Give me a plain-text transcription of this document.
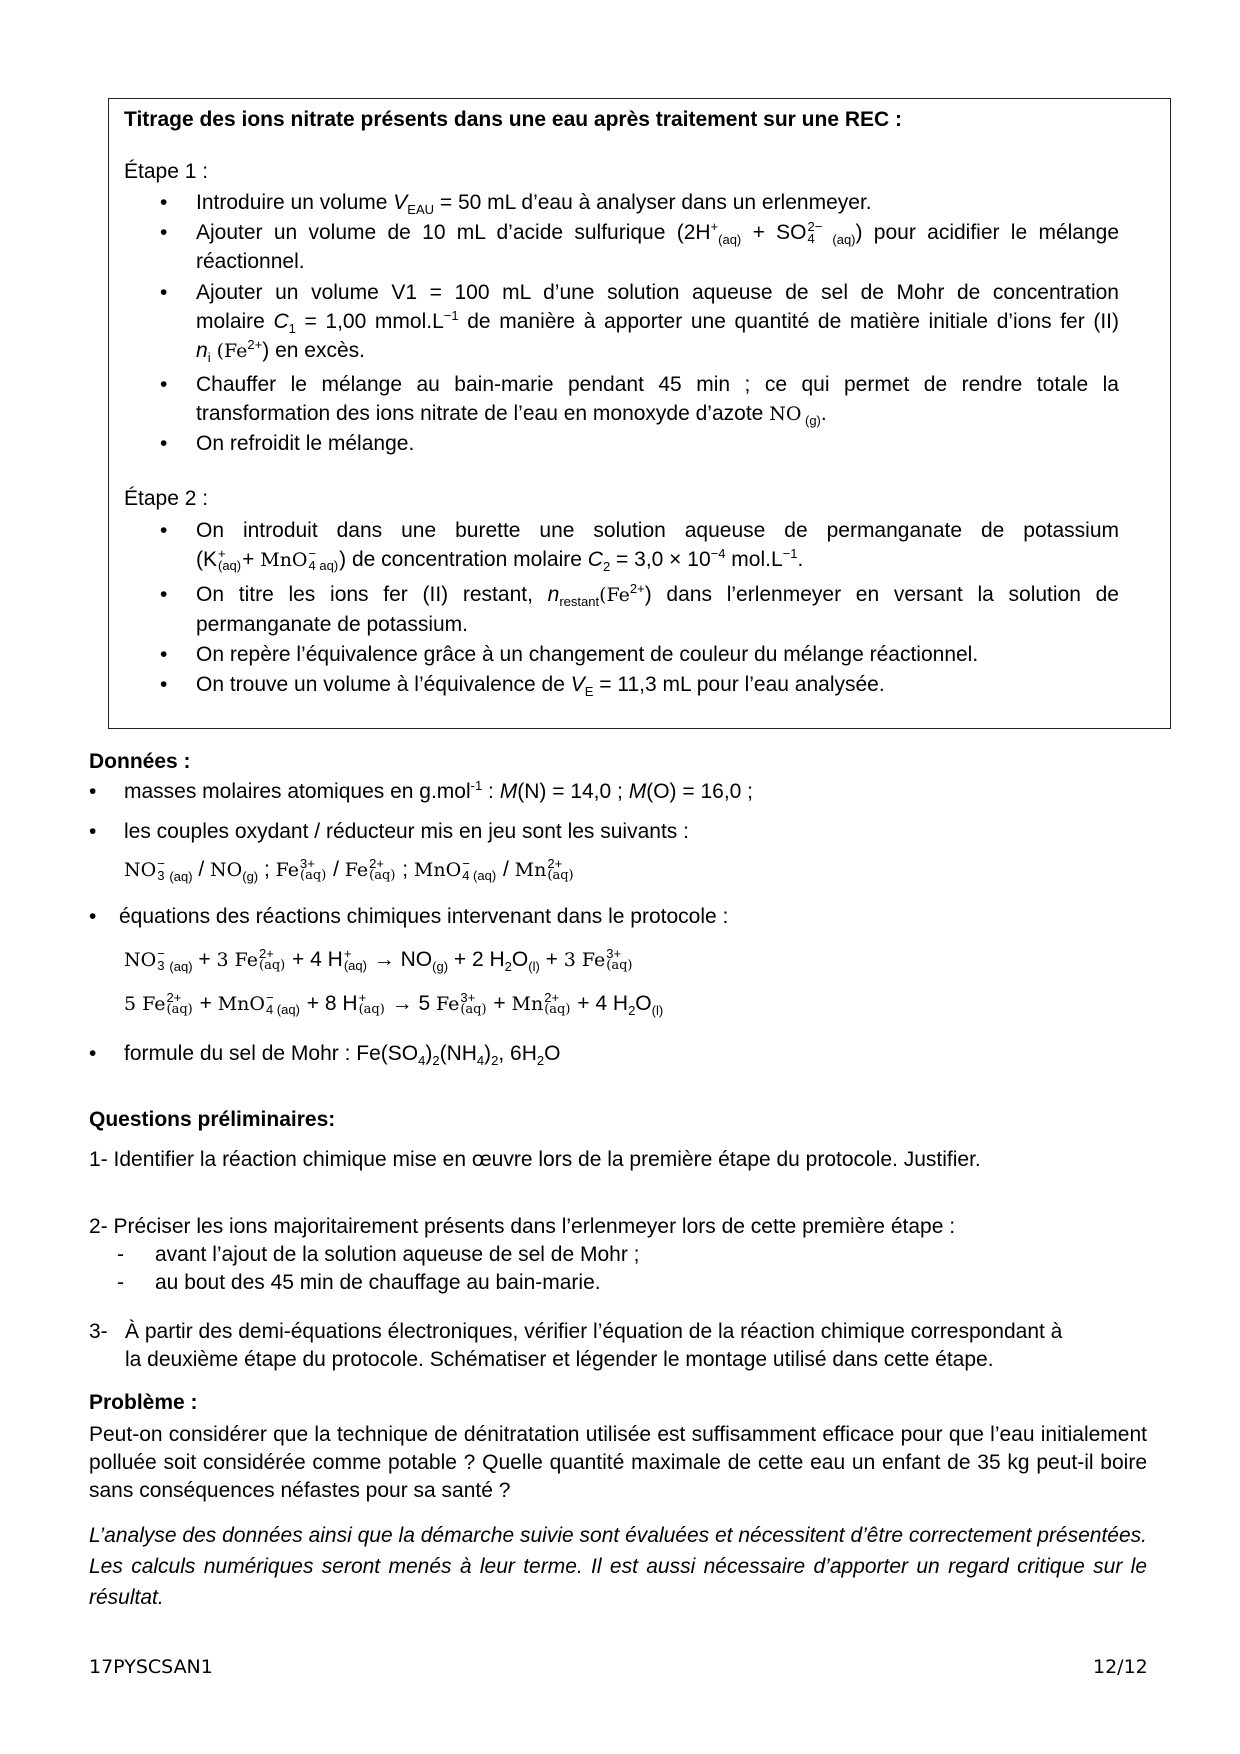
Titrage des ions nitrate présents dans une eau après traitement sur une REC :
Étape 1 :
• Introduire un volume $V_{EAU} = 50$ mL d’eau à analyser dans un erlenmeyer.
• Ajouter un volume de 10 mL d’acide sulfurique ($2H^+_{(aq)}$ + SO 2−
4 $_{(aq)}$) pour acidifier le mélange
réactionnel.
• Ajouter un volume V1 = 100 mL d’une solution aqueuse de sel de Mohr de concentration
molaire $C_1 = 1,00$ $mmol.L^{-1}$ de manière à apporter une quantité de matière initiale d’ions fer (II)
$n_i$ $(Fe^{2+})$ en excès.
• Chauffer le mélange au bain-marie pendant 45 min ; ce qui permet de rendre totale la
transformation des ions nitrate de l’eau en monoxyde d’azote NO $_{(g)}$.
• On refroidit le mélange.
Étape 2 :
• On introduit dans une burette une solution aqueuse de permanganate de potassium
(K +
(aq) + MnO −
4 aq) ) de concentration molaire $C_2 = 3,0 \times 10^{-4}$ $mol.L^{-1}$.
• On titre les ions fer (II) restant, $n_{restant}(Fe^{2+})$ dans l’erlenmeyer en versant la solution de
permanganate de potassium.
• On repère l’équivalence grâce à un changement de couleur du mélange réactionnel.
• On trouve un volume à l’équivalence de $V_E = 11,3$ mL pour l’eau analysée.
Données :
• masses molaires atomiques en g.mol$^{-1}$ : M(N) = 14,0 ; M(O) = 16,0 ;
• les couples oxydant / réducteur mis en jeu sont les suivants :
NO −
3 $_{(aq)} / NO_{(g)}$ ; Fe 3+
(aq) / Fe 2+
(aq) ; MnO −
4 (aq) / Mn 2+
(aq)
• équations des réactions chimiques intervenant dans le protocole :
NO −
3 $_{(aq)}$ + 3 Fe 2+
(aq) + 4 H +
$(aq) \to NO_{(g)} + 2$ $H_2O_{(l)} + 3$ Fe 3+
(aq)
5 Fe 2+
(aq) + MnO −
4 (aq) + 8 H +
(aq) → 5 Fe 3+
(aq) + Mn 2+
(aq) + 4 $H_2O_{(l)}$
• formule du sel de Mohr : $Fe(SO_4)_2(NH_4)_2$, $6H_2O$
Questions préliminaires:
1- Identifier la réaction chimique mise en œuvre lors de la première étape du protocole. Justifier.
2- Préciser les ions majoritairement présents dans l’erlenmeyer lors de cette première étape :
- avant l’ajout de la solution aqueuse de sel de Mohr ;
- au bout des 45 min de chauffage au bain-marie.
3- À partir des demi-équations électroniques, vérifier l’équation de la réaction chimique correspondant à
la deuxième étape du protocole. Schématiser et légender le montage utilisé dans cette étape.
Problème :
Peut-on considérer que la technique de dénitratation utilisée est suffisamment efficace pour que l’eau initialement polluée soit considérée comme potable ? Quelle quantité maximale de cette eau un enfant de 35 kg peut-il boire sans conséquences néfastes pour sa santé ?
L’analyse des données ainsi que la démarche suivie sont évaluées et nécessitent d’être correctement présentées. Les calculs numériques seront menés à leur terme. Il est aussi nécessaire d’apporter un regard critique sur le résultat.
17PYSCSAN1	12/12
